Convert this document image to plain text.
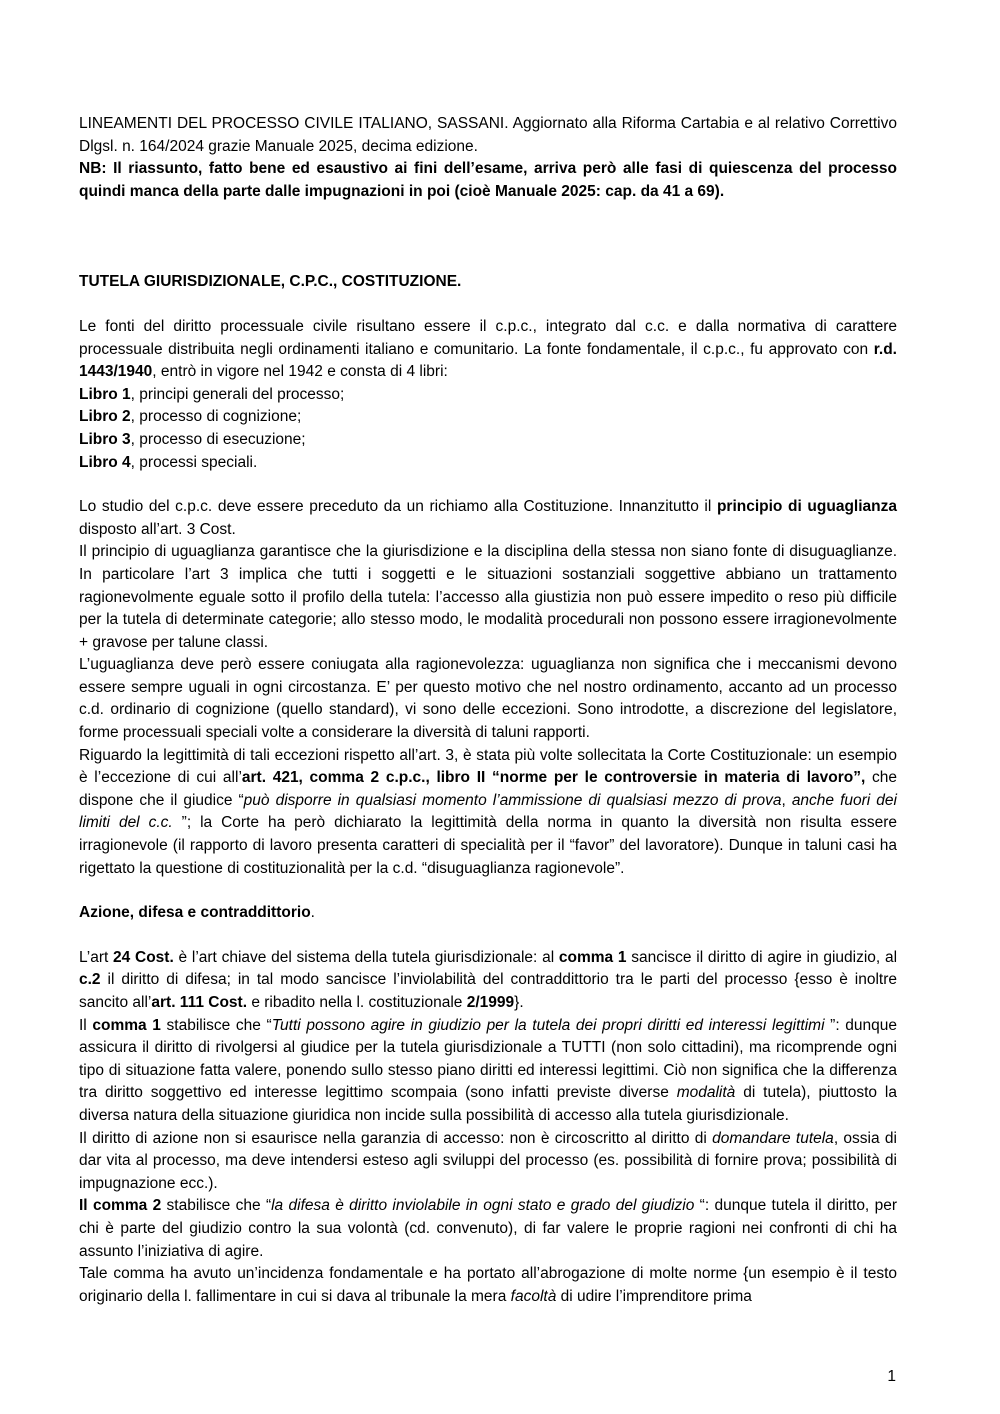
LINEAMENTI DEL PROCESSO CIVILE ITALIANO, SASSANI. Aggiornato alla Riforma Cartabia e al relativo Correttivo Dlgsl. n. 164/2024 grazie Manuale 2025, decima edizione.
NB: Il riassunto, fatto bene ed esaustivo ai fini dell’esame, arriva però alle fasi di quiescenza del processo quindi manca della parte dalle impugnazioni in poi (cioè Manuale 2025: cap. da 41 a 69).

TUTELA GIURISDIZIONALE, C.P.C., COSTITUZIONE.

Le fonti del diritto processuale civile risultano essere il c.p.c., integrato dal c.c. e dalla normativa di carattere processuale distribuita negli ordinamenti italiano e comunitario. La fonte fondamentale, il c.p.c., fu approvato con r.d. 1443/1940, entrò in vigore nel 1942 e consta di 4 libri:

Libro 1, principi generali del processo;

Libro 2, processo di cognizione;

Libro 3, processo di esecuzione;

Libro 4, processi speciali.

Lo studio del c.p.c. deve essere preceduto da un richiamo alla Costituzione. Innanzitutto il principio di uguaglianza disposto all’art. 3 Cost.

Il principio di uguaglianza garantisce che la giurisdizione e la disciplina della stessa non siano fonte di disuguaglianze. In particolare l’art 3 implica che tutti i soggetti e le situazioni sostanziali soggettive abbiano un trattamento ragionevolmente eguale sotto il profilo della tutela: l’accesso alla giustizia non può essere impedito o reso più difficile per la tutela di determinate categorie; allo stesso modo, le modalità procedurali non possono essere irragionevolmente + gravose per talune classi.

L’uguaglianza deve però essere coniugata alla ragionevolezza: uguaglianza non significa che i meccanismi devono essere sempre uguali in ogni circostanza. E’ per questo motivo che nel nostro ordinamento, accanto ad un processo c.d. ordinario di cognizione (quello standard), vi sono delle eccezioni. Sono introdotte, a discrezione del legislatore, forme processuali speciali volte a considerare la diversità di taluni rapporti.

Riguardo la legittimità di tali eccezioni rispetto all’art. 3, è stata più volte sollecitata la Corte Costituzionale: un esempio è l’eccezione di cui all’art. 421, comma 2 c.p.c., libro II “norme per le controversie in materia di lavoro”, che dispone che il giudice “può disporre in qualsiasi momento l’ammissione di qualsiasi mezzo di prova, anche fuori dei limiti del c.c. ”; la Corte ha però dichiarato la legittimità della norma in quanto la diversità non risulta essere irragionevole (il rapporto di lavoro presenta caratteri di specialità per il “favor” del lavoratore). Dunque in taluni casi ha rigettato la questione di costituzionalità per la c.d. “disuguaglianza ragionevole”.

Azione, difesa e contraddittorio.

L’art 24 Cost. è l’art chiave del sistema della tutela giurisdizionale: al comma 1 sancisce il diritto di agire in giudizio, al c.2 il diritto di difesa; in tal modo sancisce l’inviolabilità del contraddittorio tra le parti del processo {esso è inoltre sancito all’art. 111 Cost. e ribadito nella l. costituzionale 2/1999}.

Il comma 1 stabilisce che “Tutti possono agire in giudizio per la tutela dei propri diritti ed interessi legittimi ”: dunque assicura il diritto di rivolgersi al giudice per la tutela giurisdizionale a TUTTI (non solo cittadini), ma ricomprende ogni tipo di situazione fatta valere, ponendo sullo stesso piano diritti ed interessi legittimi. Ciò non significa che la differenza tra diritto soggettivo ed interesse legittimo scompaia (sono infatti previste diverse modalità di tutela), piuttosto la diversa natura della situazione giuridica non incide sulla possibilità di accesso alla tutela giurisdizionale.

Il diritto di azione non si esaurisce nella garanzia di accesso: non è circoscritto al diritto di domandare tutela, ossia di dar vita al processo, ma deve intendersi esteso agli sviluppi del processo (es. possibilità di fornire prova; possibilità di impugnazione ecc.).

Il comma 2 stabilisce che “la difesa è diritto inviolabile in ogni stato e grado del giudizio “: dunque tutela il diritto, per chi è parte del giudizio contro la sua volontà (cd. convenuto), di far valere le proprie ragioni nei confronti di chi ha assunto l’iniziativa di agire.

Tale comma ha avuto un’incidenza fondamentale e ha portato all’abrogazione di molte norme {un esempio è il testo originario della l. fallimentare in cui si dava al tribunale la mera facoltà di udire l’imprenditore prima

1
